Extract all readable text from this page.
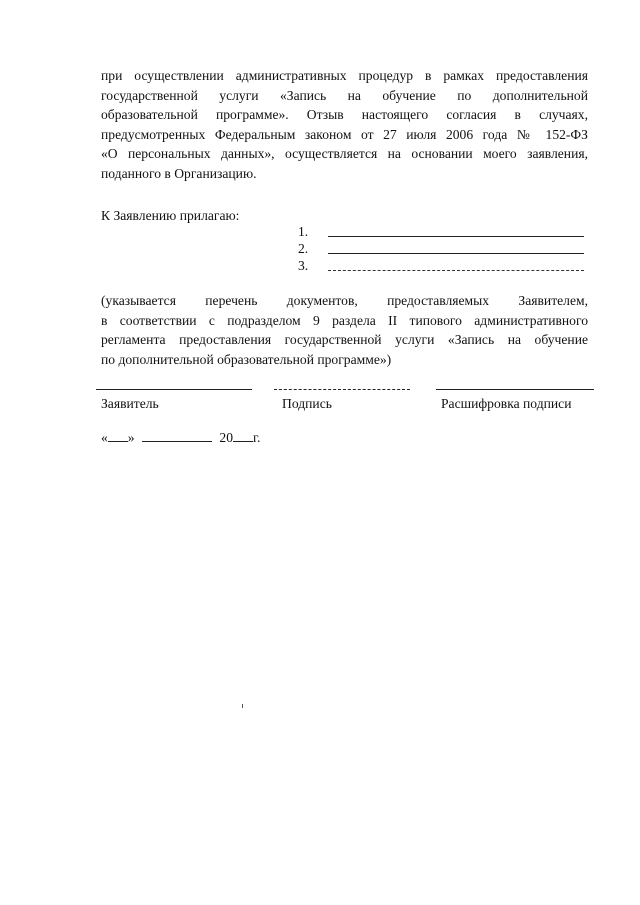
при осуществлении административных процедур в рамках предоставления
государственной услуги «Запись на обучение по дополнительной
образовательной программе». Отзыв настоящего согласия в случаях,
предусмотренных Федеральным законом от 27 июля 2006 года № 152-ФЗ
«О персональных данных», осуществляется на основании моего заявления,
поданного в Организацию.
К Заявлению прилагаю:
1.
2.
3.
(указывается перечень документов, предоставляемых Заявителем,
в соответствии с подразделом 9 раздела II типового административного
регламента предоставления государственной услуги «Запись на обучение
по дополнительной образовательной программе»)
Заявитель	Подпись	Расшифровка подписи
« »	20 г.
